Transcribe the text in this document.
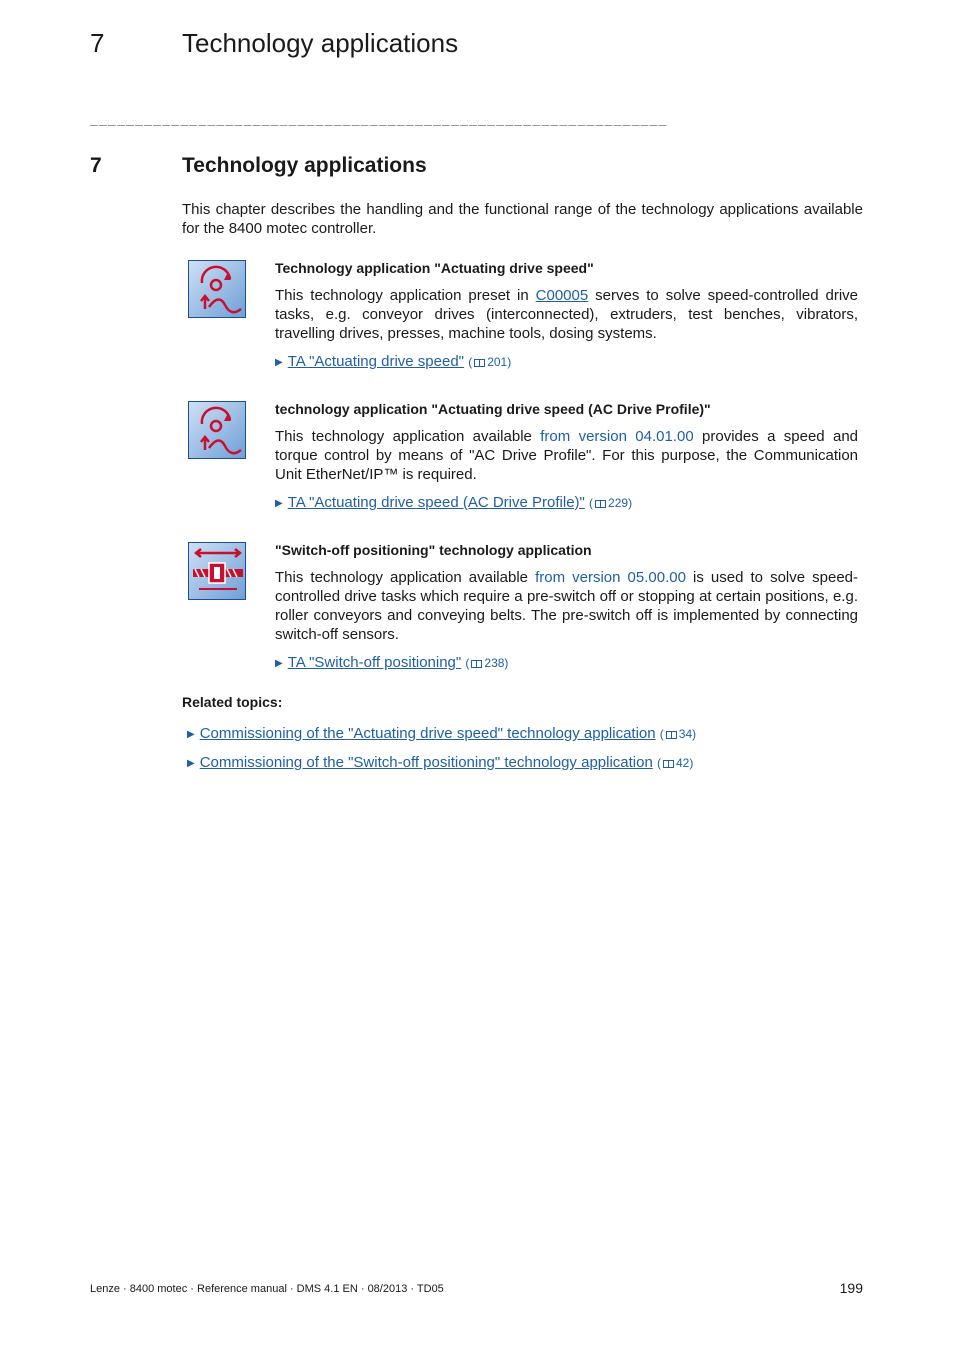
7	Technology applications
________________________________________________________________
7	Technology applications

This chapter describes the handling and the functional range of the technology applications available for the 8400 motec controller.

Technology application "Actuating drive speed"

This technology application preset in C00005 serves to solve speed-controlled drive tasks, e.g. conveyor drives (interconnected), extruders, test benches, vibrators, travelling drives, presses, machine tools, dosing systems.

▶ TA "Actuating drive speed" ( 201)
technology application "Actuating drive speed (AC Drive Profile)"

This technology application available from version 04.01.00 provides a speed and torque control by means of "AC Drive Profile". For this purpose, the Communication Unit EtherNet/IP™ is required.

▶ TA "Actuating drive speed (AC Drive Profile)" ( 229)
"Switch-off positioning" technology application

This technology application available from version 05.00.00 is used to solve speed-controlled drive tasks which require a pre-switch off or stopping at certain positions, e.g. roller conveyors and conveying belts. The pre-switch off is implemented by connecting switch-off sensors.

▶ TA "Switch-off positioning" ( 238)
Related topics:
▶ Commissioning of the "Actuating drive speed" technology application ( 34)
▶ Commissioning of the "Switch-off positioning" technology application ( 42)
Lenze · 8400 motec · Reference manual · DMS 4.1 EN · 08/2013 · TD05	199
